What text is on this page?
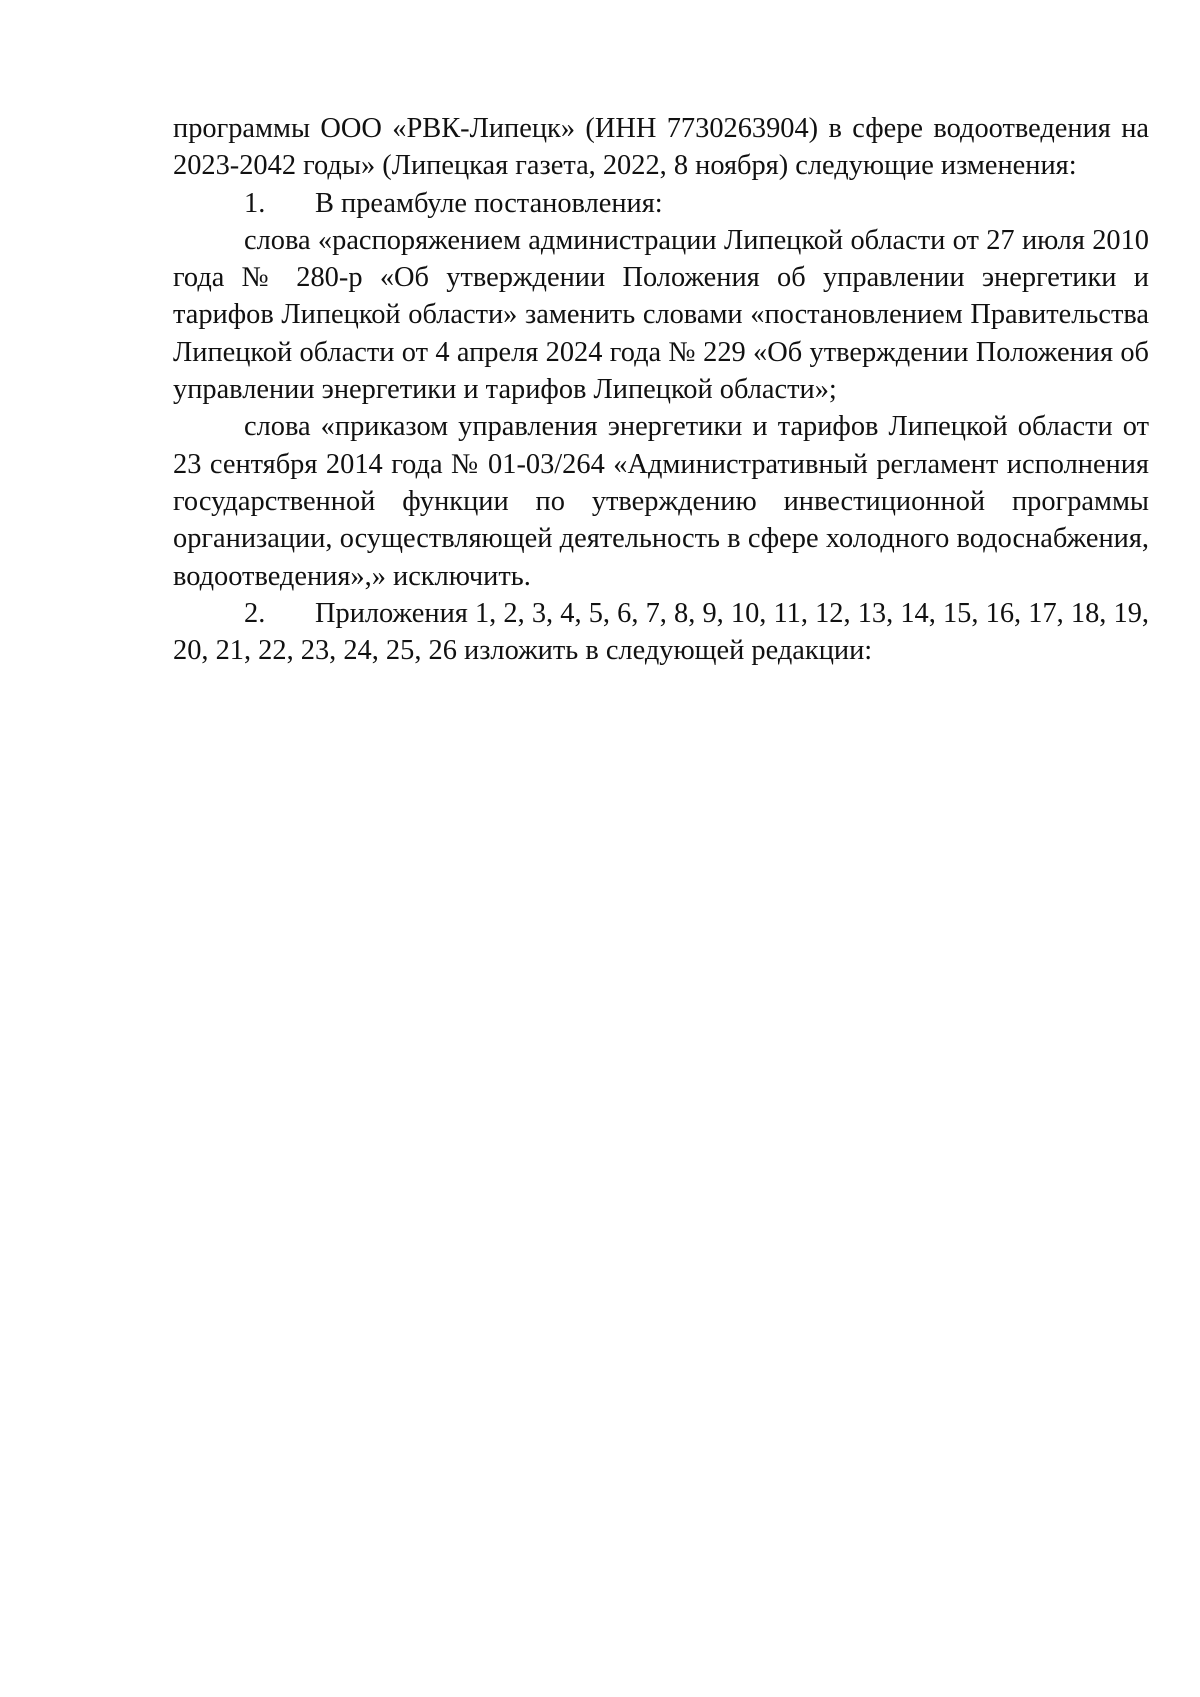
программы ООО «РВК-Липецк» (ИНН 7730263904) в сфере водоотведения на 2023-2042 годы» (Липецкая газета, 2022, 8 ноября) следующие изменения:

1. В преамбуле постановления:

слова «распоряжением администрации Липецкой области от 27 июля 2010 года № 280-р «Об утверждении Положения об управлении энергетики и тарифов Липецкой области» заменить словами «постановлением Правительства Липецкой области от 4 апреля 2024 года № 229 «Об утверждении Положения об управлении энергетики и тарифов Липецкой области»;

слова «приказом управления энергетики и тарифов Липецкой области от 23 сентября 2014 года № 01-03/264 «Административный регламент исполнения государственной функции по утверждению инвестиционной программы организации, осуществляющей деятельность в сфере холодного водоснабжения, водоотведения»,» исключить.

2. Приложения 1, 2, 3, 4, 5, 6, 7, 8, 9, 10, 11, 12, 13, 14, 15, 16, 17, 18, 19, 20, 21, 22, 23, 24, 25, 26 изложить в следующей редакции:
